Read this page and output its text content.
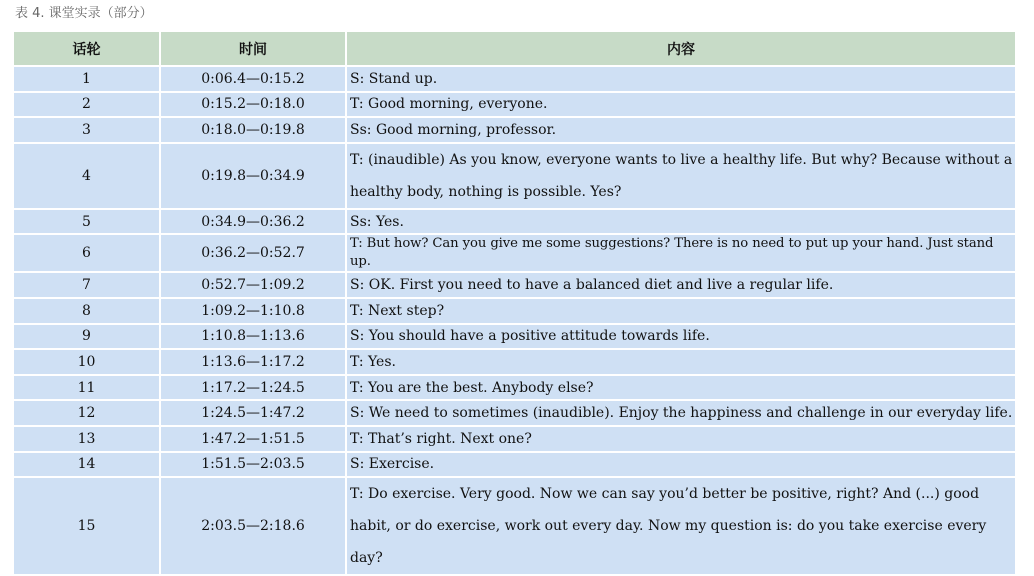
表 4. 课堂实录（部分）
话轮	时间	内容
1	0:06.4—0:15.2	S: Stand up.
2	0:15.2—0:18.0	T: Good morning, everyone.
3	0:18.0—0:19.8	Ss: Good morning, professor.
4	0:19.8—0:34.9	T: (inaudible) As you know, everyone wants to live a healthy life. But why? Because without a healthy body, nothing is possible. Yes?
5	0:34.9—0:36.2	Ss: Yes.
6	0:36.2—0:52.7	T: But how? Can you give me some suggestions? There is no need to put up your hand. Just stand up.
7	0:52.7—1:09.2	S: OK. First you need to have a balanced diet and live a regular life.
8	1:09.2—1:10.8	T: Next step?
9	1:10.8—1:13.6	S: You should have a positive attitude towards life.
10	1:13.6—1:17.2	T: Yes.
11	1:17.2—1:24.5	T: You are the best. Anybody else?
12	1:24.5—1:47.2	S: We need to sometimes (inaudible). Enjoy the happiness and challenge in our everyday life.
13	1:47.2—1:51.5	T: That’s right. Next one?
14	1:51.5—2:03.5	S: Exercise.
15	2:03.5—2:18.6	T: Do exercise. Very good. Now we can say you’d better be positive, right? And (...) good habit, or do exercise, work out every day. Now my question is: do you take exercise every day?
